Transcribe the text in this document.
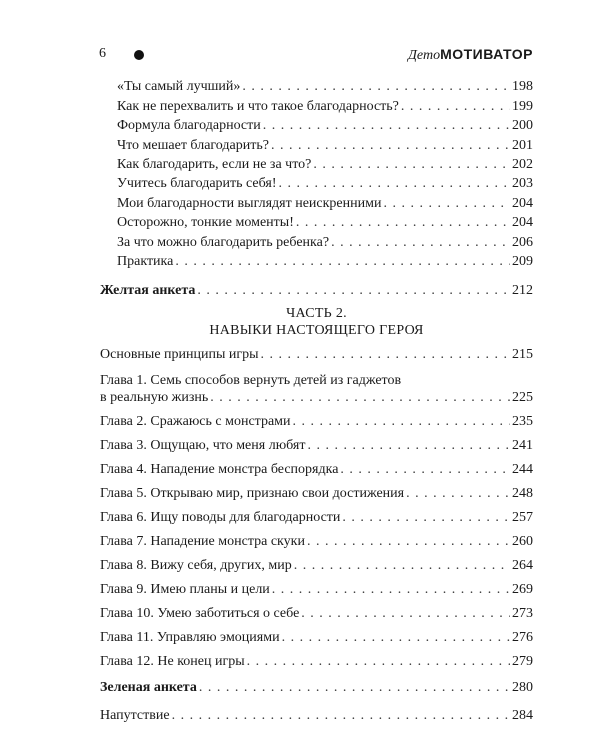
6	ДетоМОТИВАТОР
«Ты самый лучший» . . .	198
Как не перехвалить и что такое благодарность? . . .	199
Формула благодарности . . .	200
Что мешает благодарить? . . .	201
Как благодарить, если не за что? . . .	202
Учитесь благодарить себя! . . .	203
Мои благодарности выглядят неискренними . . .	204
Осторожно, тонкие моменты! . . .	204
За что можно благодарить ребенка? . . .	206
Практика . . .	209
Желтая анкета . . .	212
ЧАСТЬ 2.
НАВЫКИ НАСТОЯЩЕГО ГЕРОЯ
Основные принципы игры . . .	215
Глава 1. Семь способов вернуть детей из гаджетов
в реальную жизнь . . .	225
Глава 2. Сражаюсь с монстрами . . .	235
Глава 3. Ощущаю, что меня любят . . .	241
Глава 4. Нападение монстра беспорядка . . .	244
Глава 5. Открываю мир, признаю свои достижения . . .	248
Глава 6. Ищу поводы для благодарности . . .	257
Глава 7. Нападение монстра скуки . . .	260
Глава 8. Вижу себя, других, мир . . .	264
Глава 9. Имею планы и цели . . .	269
Глава 10. Умею заботиться о себе . . .	273
Глава 11. Управляю эмоциями . . .	276
Глава 12. Не конец игры . . .	279
Зеленая анкета . . .	280
Напутствие . . .	284
